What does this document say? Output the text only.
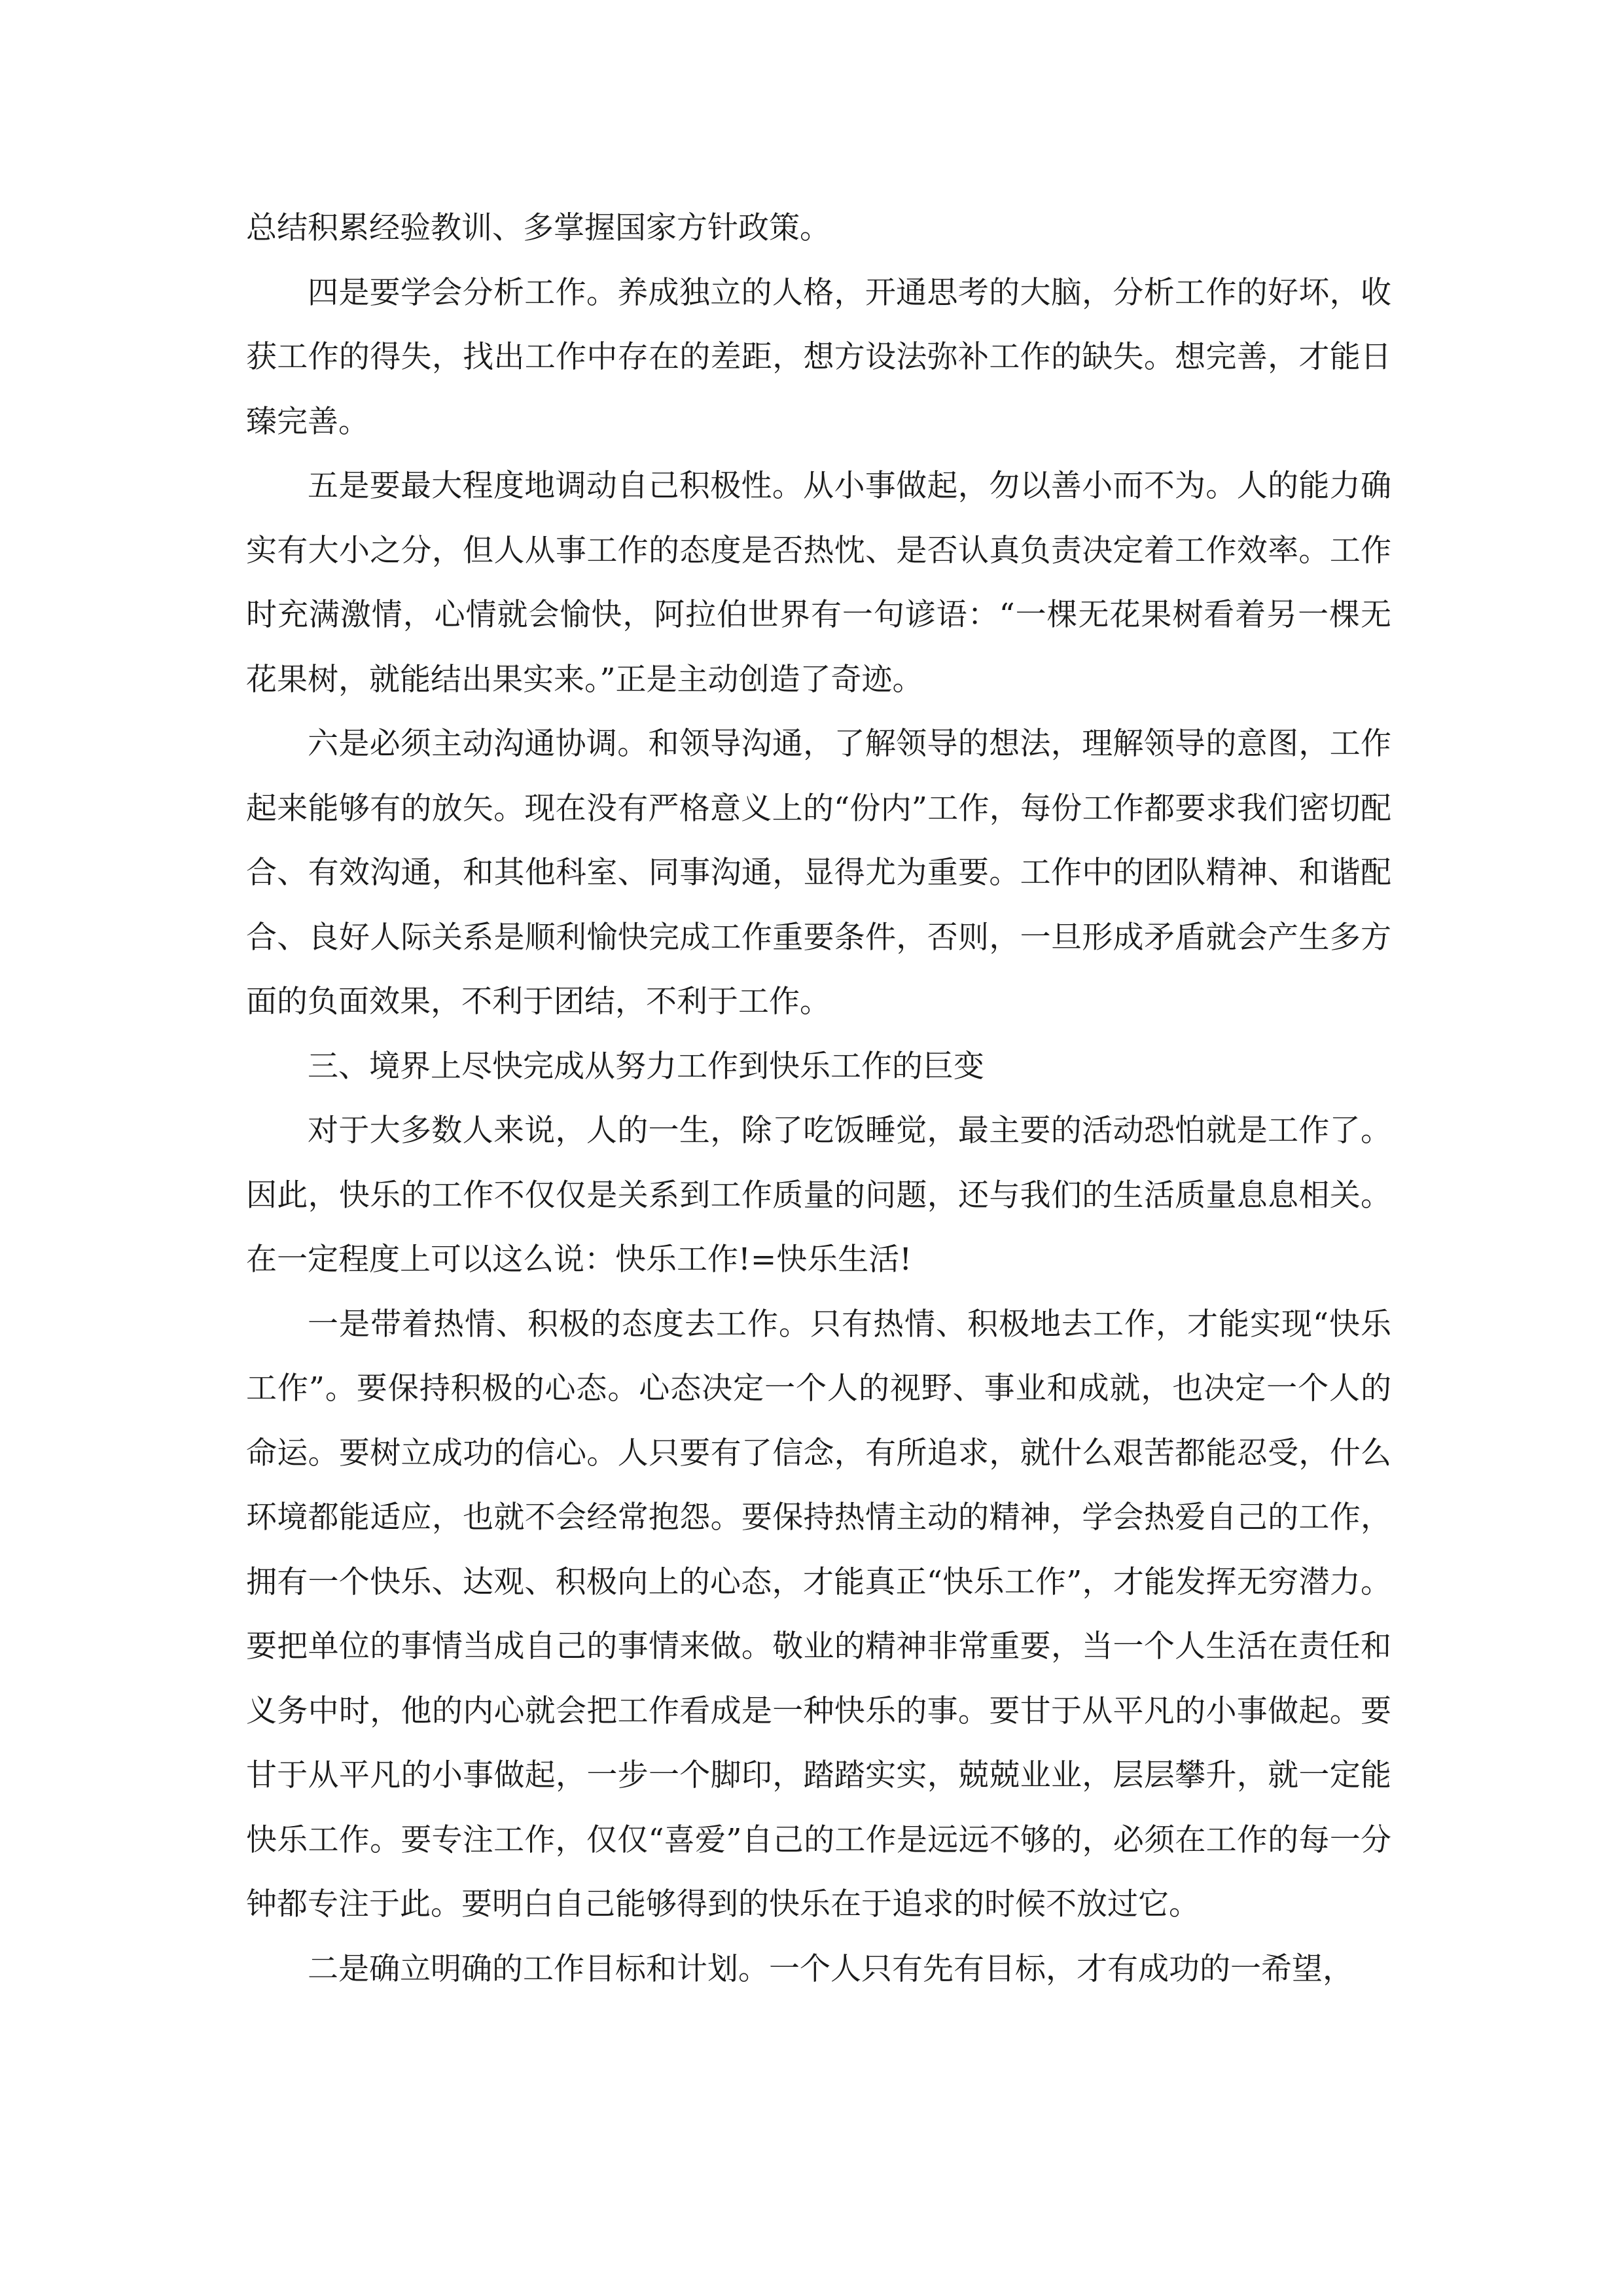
总结积累经验教训、多掌握国家方针政策。

四是要学会分析工作。养成独立的人格，开通思考的大脑，分析工作的好坏，收获工作的得失，找出工作中存在的差距，想方设法弥补工作的缺失。想完善，才能日臻完善。

五是要最大程度地调动自己积极性。从小事做起，勿以善小而不为。人的能力确实有大小之分，但人从事工作的态度是否热忱、是否认真负责决定着工作效率。工作时充满激情，心情就会愉快，阿拉伯世界有一句谚语：“一棵无花果树看着另一棵无花果树，就能结出果实来。”正是主动创造了奇迹。

六是必须主动沟通协调。和领导沟通，了解领导的想法，理解领导的意图，工作起来能够有的放矢。现在没有严格意义上的“份内”工作，每份工作都要求我们密切配合、有效沟通，和其他科室、同事沟通，显得尤为重要。工作中的团队精神、和谐配合、良好人际关系是顺利愉快完成工作重要条件，否则，一旦形成矛盾就会产生多方面的负面效果，不利于团结，不利于工作。

三、境界上尽快完成从努力工作到快乐工作的巨变

对于大多数人来说，人的一生，除了吃饭睡觉，最主要的活动恐怕就是工作了。因此，快乐的工作不仅仅是关系到工作质量的问题，还与我们的生活质量息息相关。在一定程度上可以这么说：快乐工作!=快乐生活!

一是带着热情、积极的态度去工作。只有热情、积极地去工作，才能实现“快乐工作”。要保持积极的心态。心态决定一个人的视野、事业和成就，也决定一个人的命运。要树立成功的信心。人只要有了信念，有所追求，就什么艰苦都能忍受，什么环境都能适应，也就不会经常抱怨。要保持热情主动的精神，学会热爱自己的工作，拥有一个快乐、达观、积极向上的心态，才能真正“快乐工作”，才能发挥无穷潜力。要把单位的事情当成自己的事情来做。敬业的精神非常重要，当一个人生活在责任和义务中时，他的内心就会把工作看成是一种快乐的事。要甘于从平凡的小事做起。要甘于从平凡的小事做起，一步一个脚印，踏踏实实，兢兢业业，层层攀升，就一定能快乐工作。要专注工作，仅仅“喜爱”自己的工作是远远不够的，必须在工作的每一分钟都专注于此。要明白自己能够得到的快乐在于追求的时候不放过它。

二是确立明确的工作目标和计划。一个人只有先有目标，才有成功的一希望，
